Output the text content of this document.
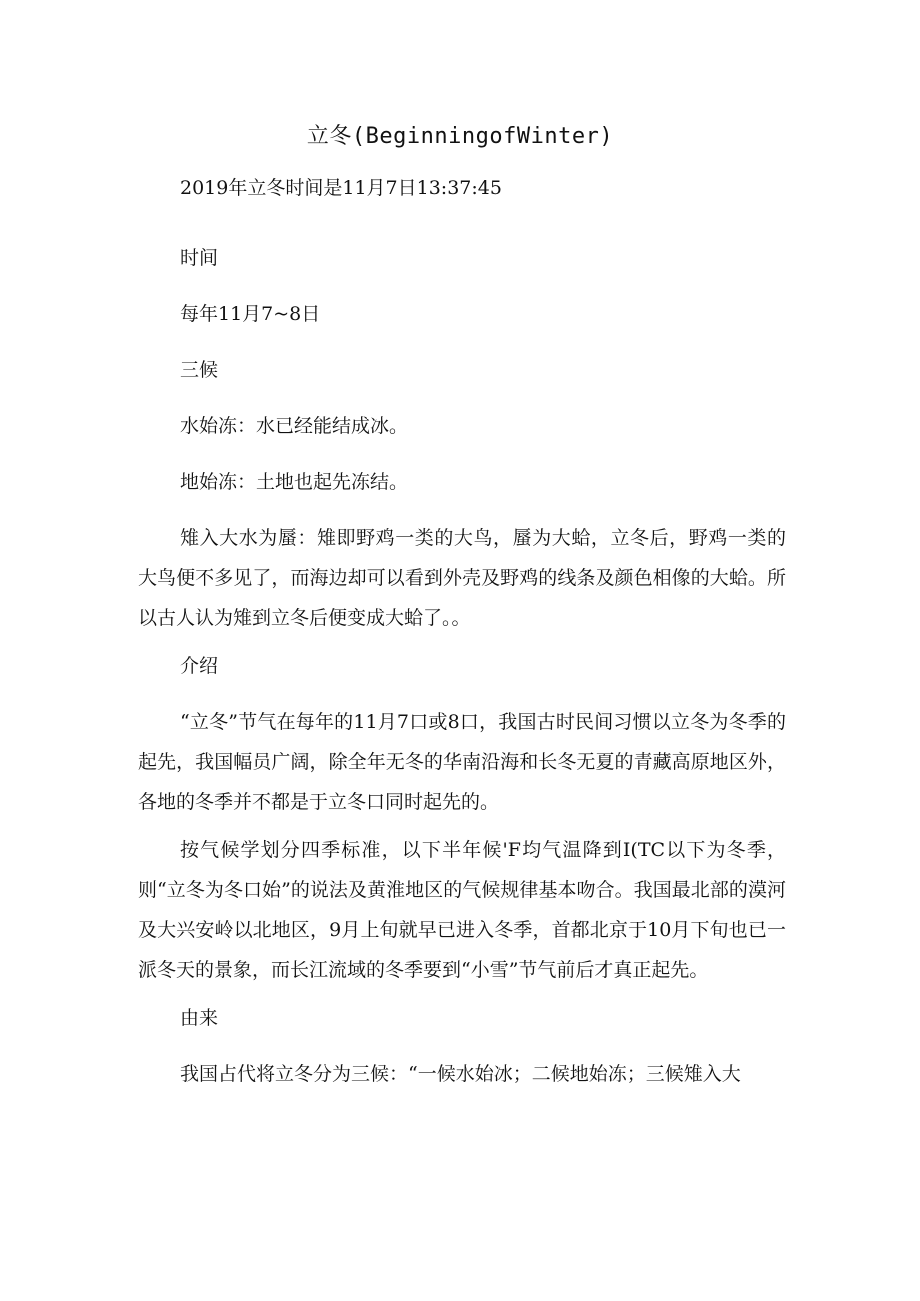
立冬(BeginningofWinter)

2019年立冬时间是11月7日13:37:45

时间

每年11月7~8日

三候

水始冻：水已经能结成冰。

地始冻：土地也起先冻结。

雉入大水为蜃：雉即野鸡一类的大鸟，蜃为大蛤，立冬后，野鸡一类的大鸟便不多见了，而海边却可以看到外壳及野鸡的线条及颜色相像的大蛤。所以古人认为雉到立冬后便变成大蛤了。。

介绍

“立冬”节气在每年的11月7口或8口，我国古时民间习惯以立冬为冬季的起先，我国幅员广阔，除全年无冬的华南沿海和长冬无夏的青藏高原地区外，各地的冬季并不都是于立冬口同时起先的。

按气候学划分四季标准，以下半年候'F均气温降到I(TC以下为冬季，则“立冬为冬口始”的说法及黄淮地区的气候规律基本吻合。我国最北部的漠河及大兴安岭以北地区，9月上旬就早已进入冬季，首都北京于10月下旬也已一派冬天的景象，而长江流域的冬季要到“小雪”节气前后才真正起先。

由来

我国占代将立冬分为三候：“一候水始冰；二候地始冻；三候雉入大
